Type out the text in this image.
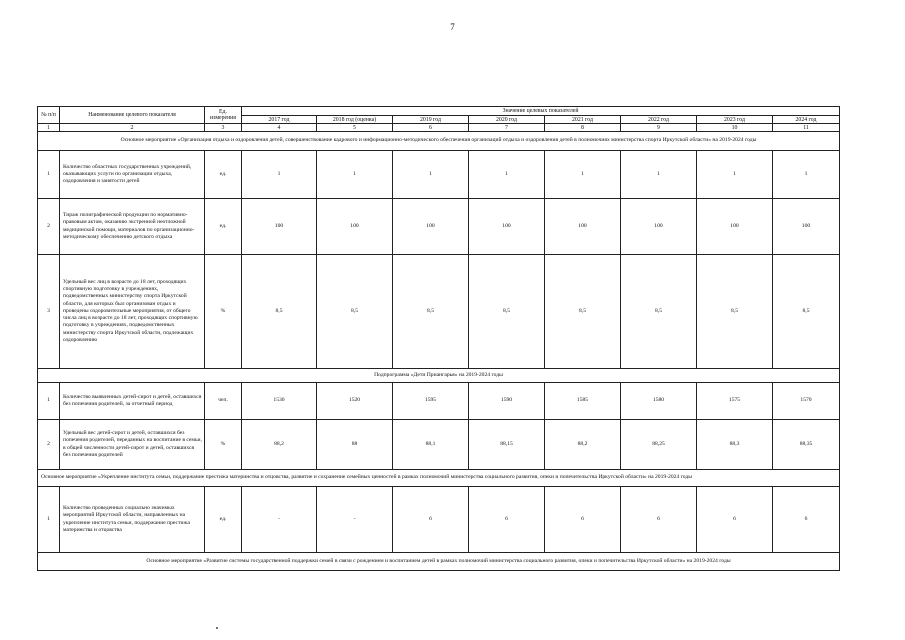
7
№ п/п	Наименование целевого показателя	Ед. измерения	Значение целевых показателей							
			2017 год	2018 год (оценка)	2019 год	2020 год	2021 год	2022 год	2023 год	2024 год
1	2	3	4	5	6	7	8	9	10	11
Основное мероприятие «Организация отдыха и оздоровления детей, совершенствование кадрового и информационно-методического обеспечения организаций отдыха и оздоровления детей в полномочиях министерства спорта Иркутской области» на 2019-2024 годы										
1	Количество областных государственных учреждений, оказывающих услуги по организации отдыха, оздоровления и занятости детей	ед.	1	1	1	1	1	1	1	1
2	Тираж полиграфической продукции по нормативно-правовым актам, оказанию экстренной неотложной медицинской помощи, материалов по организационно-методическому обеспечению детского отдыха	ед.	100	100	100	100	100	100	100	100
3	Удельный вес лиц в возрасте до 18 лет, проходящих спортивную подготовку в учреждениях, подведомственных министерству спорта Иркутской области, для которых был организован отдых и проведены оздоровительные мероприятия, от общего числа лиц в возрасте до 18 лет, проходящих спортивную подготовку в учреждениях, подведомственных министерству спорта Иркутской области, подлежащих оздоровлению	%	8,5	8,5	8,5	8,5	8,5	8,5	8,5	8,5
Подпрограмма «Дети Приангарья» на 2019-2024 годы										
1	Количество выявленных детей-сирот и детей, оставшихся без попечения родителей, за отчетный период	чел.	1530	1520	1595	1590	1585	1580	1575	1570
2	Удельный вес детей-сирот и детей, оставшихся без попечения родителей, переданных на воспитание в семьи, в общей численности детей-сирот и детей, оставшихся без попечения родителей	%	88,2	88	88,1	88,15	88,2	88,25	88,3	88,35
Основное мероприятие «Укрепление института семьи, поддержание престижа материнства и отцовства, развитие и сохранение семейных ценностей в рамках полномочий министерства социального развития, опеки и попечительства Иркутской области» на 2019-2024 годы										
1	Количество проведенных социально значимых мероприятий Иркутской области, направленных на укрепление института семьи, поддержание престижа материнства и отцовства	ед.	-	-	6	6	6	6	6	6
Основное мероприятие «Развитие системы государственной поддержки семей в связи с рождением и воспитанием детей в рамках полномочий министерства социального развития, опеки и попечительства Иркутской области» на 2019-2024 годы										
